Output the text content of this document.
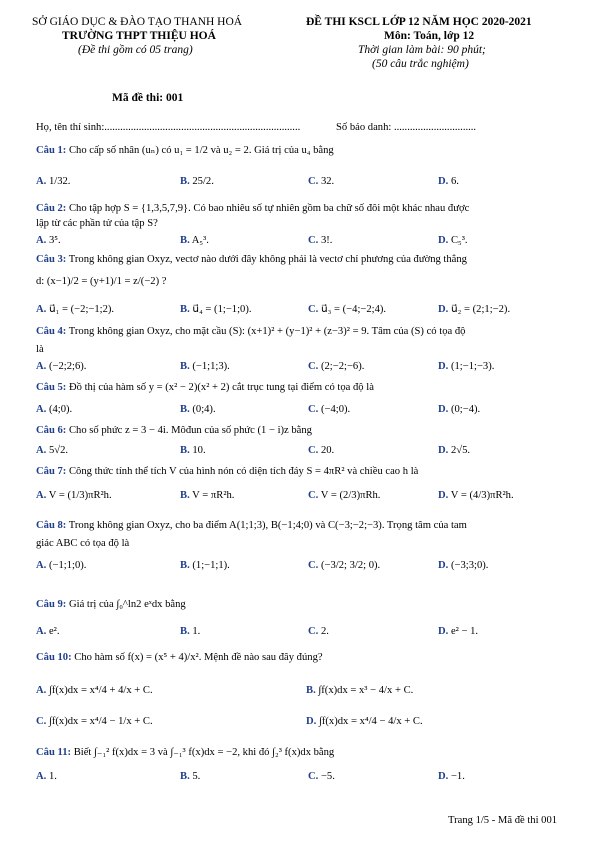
SỞ GIÁO DỤC & ĐÀO TẠO THANH HOÁ
TRƯỜNG THPT THIỆU HOÁ
(Đề thi gồm có 05 trang)
ĐỀ THI KSCL LỚP 12 NĂM HỌC 2020-2021
Môn: Toán, lớp 12
Thời gian làm bài: 90 phút;
(50 câu trắc nghiệm)
Mã đề thi: 001
Họ, tên thí sinh:..........................................................................	Số báo danh: ...............................
Câu 1: Cho cấp số nhân (uₙ) có u₁ = 1/2 và u₂ = 2. Giá trị của u₄ bằng
A. 1/32.	B. 25/2.	C. 32.	D. 6.
Câu 2: Cho tập hợp S = {1,3,5,7,9}. Có bao nhiêu số tự nhiên gồm ba chữ số đôi một khác nhau được
lập từ các phần tử của tập S?
A. 3⁵.	B. A₅³.	C. 3!.	D. C₅³.
Câu 3: Trong không gian Oxyz, vectơ nào dưới đây không phải là vectơ chỉ phương của đường thẳng
d: (x−1)/2 = (y+1)/1 = z/(−2) ?
A. u⃗₁ = (−2;−1;2).	B. u⃗₄ = (1;−1;0).	C. u⃗₃ = (−4;−2;4).	D. u⃗₂ = (2;1;−2).
Câu 4: Trong không gian Oxyz, cho mặt cầu (S): (x+1)² + (y−1)² + (z−3)² = 9. Tâm của (S) có tọa độ
là
A. (−2;2;6).	B. (−1;1;3).	C. (2;−2;−6).	D. (1;−1;−3).
Câu 5: Đồ thị của hàm số y = (x² − 2)(x² + 2) cắt trục tung tại điểm có tọa độ là
A. (4;0).	B. (0;4).	C. (−4;0).	D. (0;−4).
Câu 6: Cho số phức z = 3 − 4i. Môđun của số phức (1 − i)z bằng
A. 5√2.	B. 10.	C. 20.	D. 2√5.
Câu 7: Công thức tính thể tích V của hình nón có diện tích đáy S = 4πR² và chiều cao h là
A. V = (1/3)πR²h.	B. V = πR²h.	C. V = (2/3)πRh.	D. V = (4/3)πR²h.
Câu 8: Trong không gian Oxyz, cho ba điểm A(1;1;3), B(−1;4;0) và C(−3;−2;−3). Trọng tâm của tam
giác ABC có tọa độ là
A. (−1;1;0).	B. (1;−1;1).	C. (−3/2; 3/2; 0).	D. (−3;3;0).
Câu 9: Giá trị của ∫₀^ln2 eˣdx bằng
A. e².	B. 1.	C. 2.	D. e² − 1.
Câu 10: Cho hàm số f(x) = (x⁵ + 4)/x². Mệnh đề nào sau đây đúng?
A. ∫f(x)dx = x⁴/4 + 4/x + C.	B. ∫f(x)dx = x³ − 4/x + C.
C. ∫f(x)dx = x⁴/4 − 1/x + C.	D. ∫f(x)dx = x⁴/4 − 4/x + C.
Câu 11: Biết ∫₋₁² f(x)dx = 3 và ∫₋₁³ f(x)dx = −2, khi đó ∫₂³ f(x)dx bằng
A. 1.	B. 5.	C. −5.	D. −1.
Trang 1/5 - Mã đề thi 001
